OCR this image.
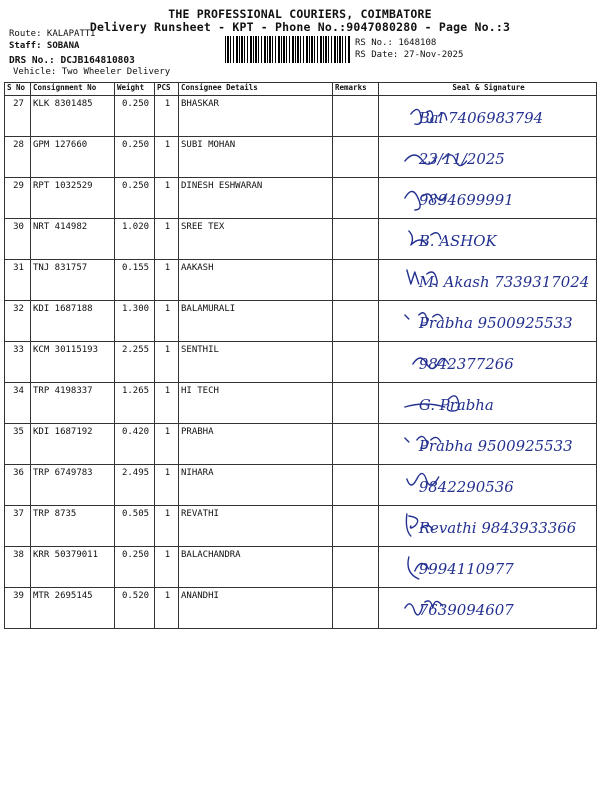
THE PROFESSIONAL COURIERS, COIMBATORE
Delivery Runsheet - KPT - Phone No.:9047080280 - Page No.:3
Route: KALAPATTI
Staff: SOBANA
DRS No.: DCJB164810803
Vehicle: Two Wheeler Delivery
RS No.: 1648108
RS Date: 27-Nov-2025
S No	Consignment No	Weight	PCS	Consignee Details	Remarks	Seal & Signature

27	KLK 8301485	0.250	1	BHASKAR		Bal 7406983794

28	GPM 127660	0.250	1	SUBI MOHAN		23/11/2025

29	RPT 1032529	0.250	1	DINESH ESHWARAN		9894699991

30	NRT 414982	1.020	1	SREE TEX		B. ASHOK

31	TNJ 831757	0.155	1	AAKASH		M. Akash 7339317024

32	KDI 1687188	1.300	1	BALAMURALI		Prabha 9500925533

33	KCM 30115193	2.255	1	SENTHIL		9842377266

34	TRP 4198337	1.265	1	HI TECH		G. Prabha

35	KDI 1687192	0.420	1	PRABHA		Prabha 9500925533

36	TRP 6749783	2.495	1	NIHARA		9842290536

37	TRP 8735	0.505	1	REVATHI		Revathi 9843933366

38	KRR 50379011	0.250	1	BALACHANDRA		9994110977

39	MTR 2695145	0.520	1	ANANDHI		7639094607
